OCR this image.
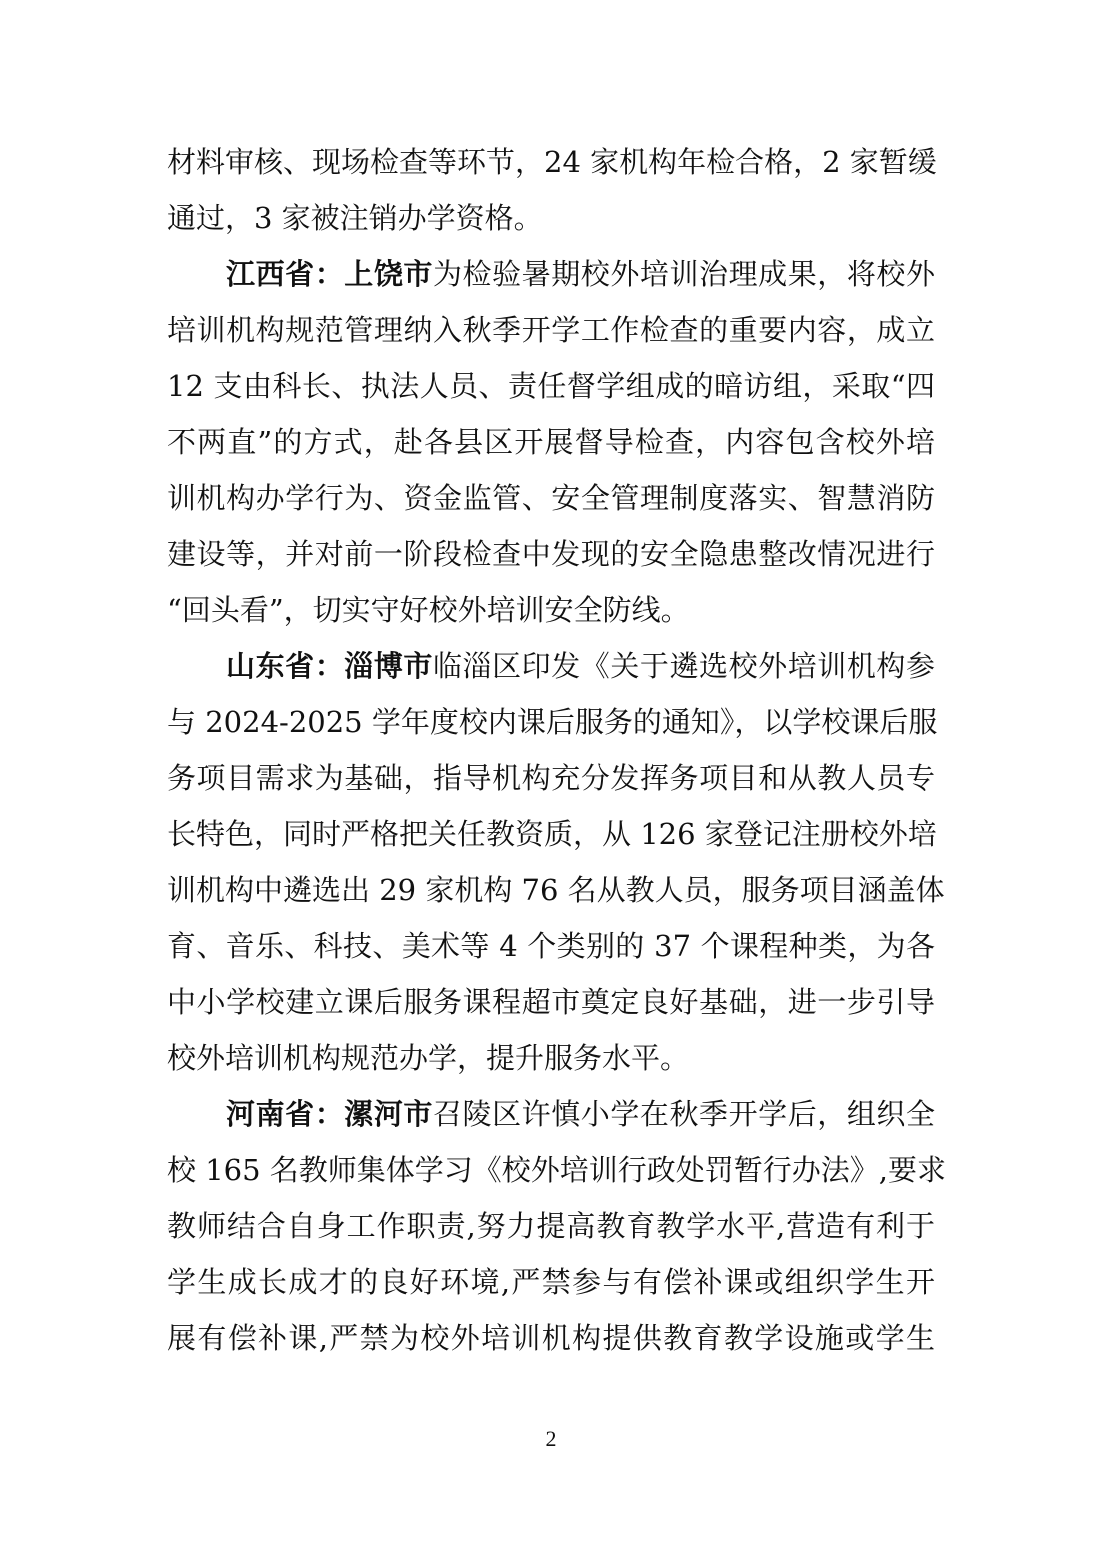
材料审核、现场检查等环节，24 家机构年检合格，2 家暂缓
通过，3 家被注销办学资格。
江西省：上饶市为检验暑期校外培训治理成果，将校外
培训机构规范管理纳入秋季开学工作检查的重要内容，成立
12 支由科长、执法人员、责任督学组成的暗访组，采取“四
不两直”的方式，赴各县区开展督导检查，内容包含校外培
训机构办学行为、资金监管、安全管理制度落实、智慧消防
建设等，并对前一阶段检查中发现的安全隐患整改情况进行
“回头看”，切实守好校外培训安全防线。
山东省：淄博市临淄区印发《关于遴选校外培训机构参
与 2024-2025 学年度校内课后服务的通知》，以学校课后服
务项目需求为基础，指导机构充分发挥务项目和从教人员专
长特色，同时严格把关任教资质，从 126 家登记注册校外培
训机构中遴选出 29 家机构 76 名从教人员，服务项目涵盖体
育、音乐、科技、美术等 4 个类别的 37 个课程种类，为各
中小学校建立课后服务课程超市奠定良好基础，进一步引导
校外培训机构规范办学，提升服务水平。
河南省：漯河市召陵区许慎小学在秋季开学后，组织全
校 165 名教师集体学习《校外培训行政处罚暂行办法》,要求
教师结合自身工作职责,努力提高教育教学水平,营造有利于
学生成长成才的良好环境,严禁参与有偿补课或组织学生开
展有偿补课,严禁为校外培训机构提供教育教学设施或学生
2
